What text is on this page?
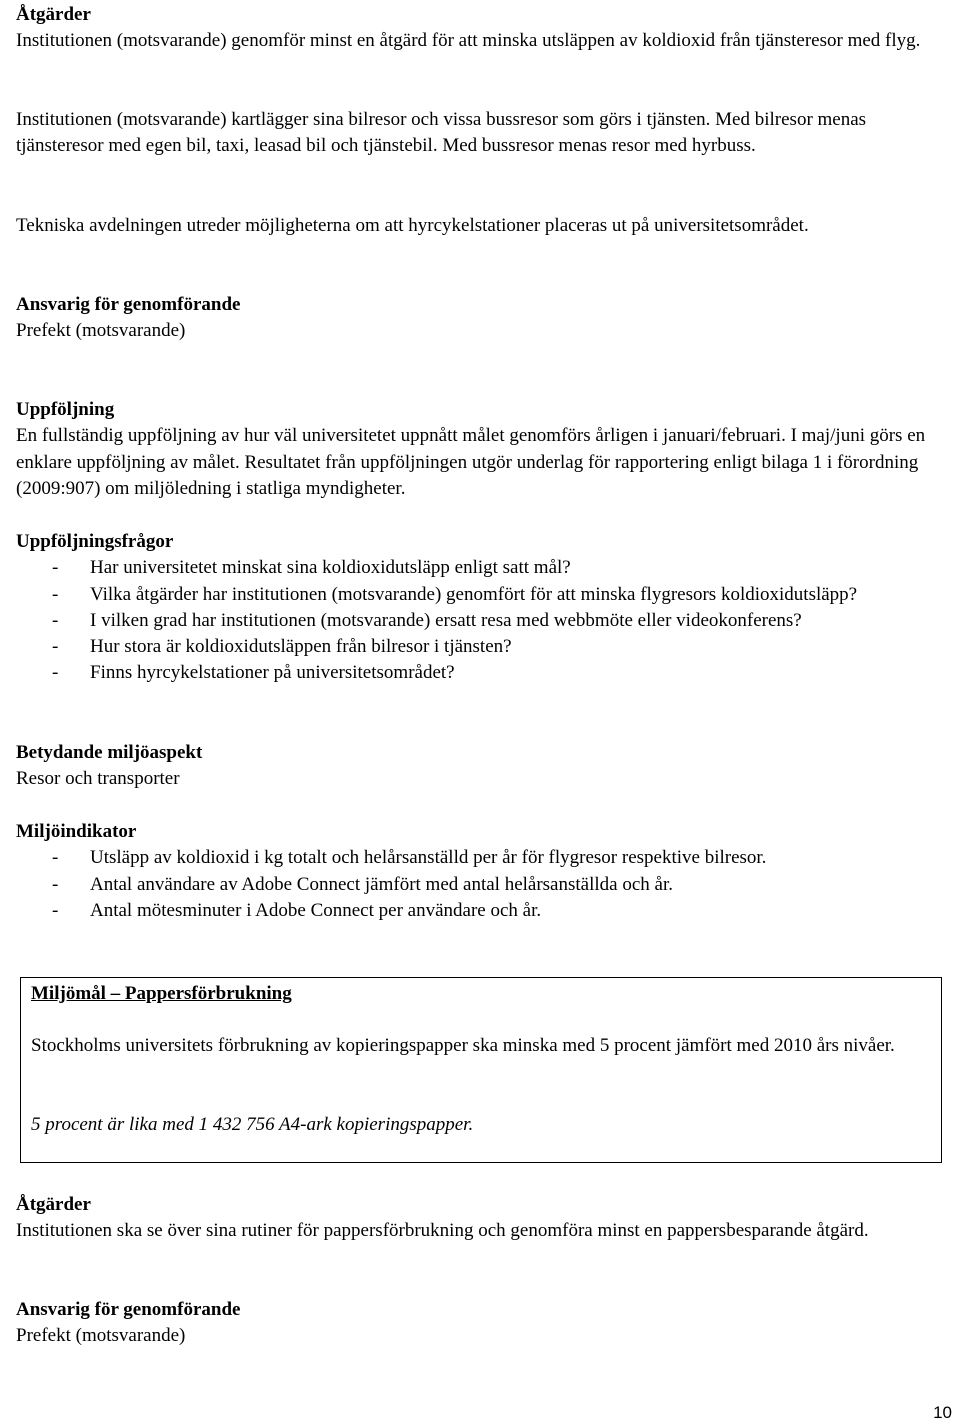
Åtgärder

Institutionen (motsvarande) genomför minst en åtgärd för att minska utsläppen av koldioxid från tjänsteresor med flyg.

Institutionen (motsvarande) kartlägger sina bilresor och vissa bussresor som görs i tjänsten. Med bilresor menas tjänsteresor med egen bil, taxi, leasad bil och tjänstebil. Med bussresor menas resor med hyrbuss.

Tekniska avdelningen utreder möjligheterna om att hyrcykelstationer placeras ut på universitetsområdet.

Ansvarig för genomförande

Prefekt (motsvarande)

Uppföljning

En fullständig uppföljning av hur väl universitetet uppnått målet genomförs årligen i januari/februari. I maj/juni görs en enklare uppföljning av målet. Resultatet från uppföljningen utgör underlag för rapportering enligt bilaga 1 i förordning (2009:907) om miljöledning i statliga myndigheter.

Uppföljningsfrågor

- Har universitetet minskat sina koldioxidutsläpp enligt satt mål?
- Vilka åtgärder har institutionen (motsvarande) genomfört för att minska flygresors koldioxidutsläpp?
- I vilken grad har institutionen (motsvarande) ersatt resa med webbmöte eller videokonferens?
- Hur stora är koldioxidutsläppen från bilresor i tjänsten?
- Finns hyrcykelstationer på universitetsområdet?

Betydande miljöaspekt

Resor och transporter

Miljöindikator

- Utsläpp av koldioxid i kg totalt och helårsanställd per år för flygresor respektive bilresor.
- Antal användare av Adobe Connect jämfört med antal helårsanställda och år.
- Antal mötesminuter i Adobe Connect per användare och år.

Miljömål – Pappersförbrukning

Stockholms universitets förbrukning av kopieringspapper ska minska med 5 procent jämfört med 2010 års nivåer.

5 procent är lika med 1 432 756 A4-ark kopieringspapper.

Åtgärder

Institutionen ska se över sina rutiner för pappersförbrukning och genomföra minst en pappersbesparande åtgärd.

Ansvarig för genomförande

Prefekt (motsvarande)

10
